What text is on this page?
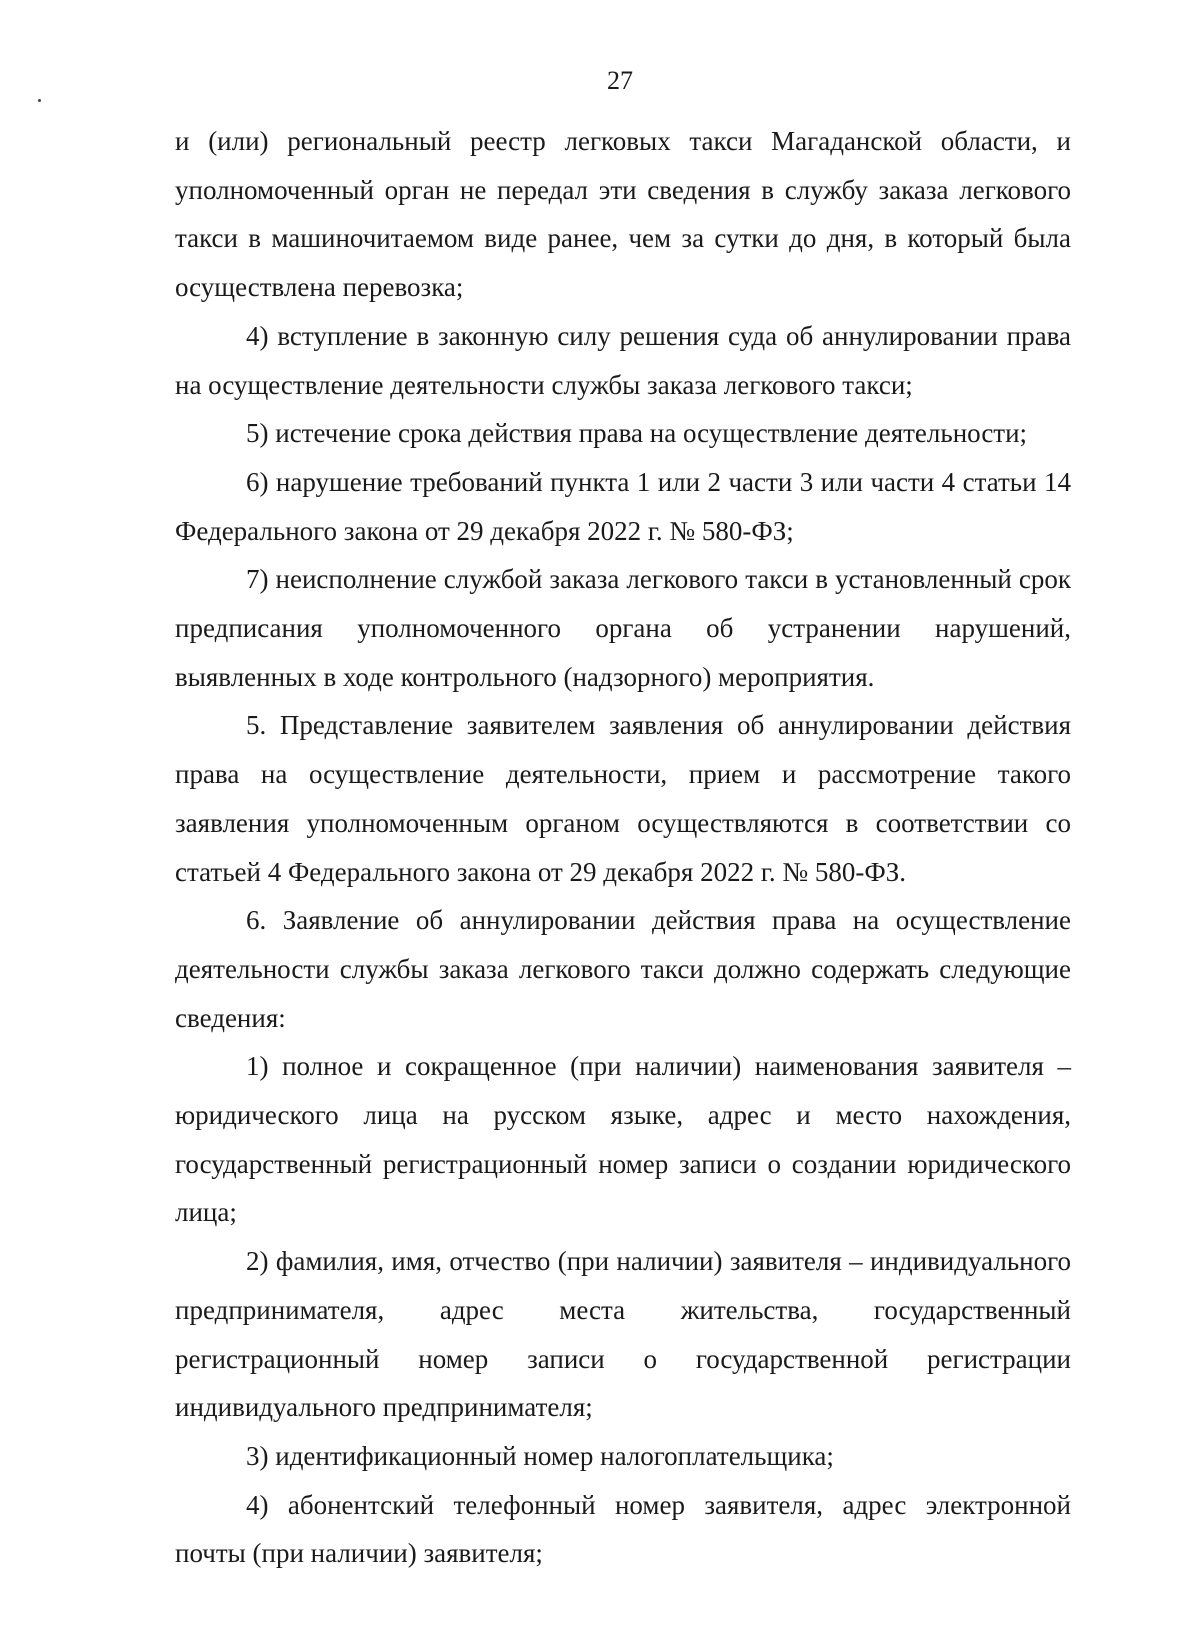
27

и (или) региональный реестр легковых такси Магаданской области, и уполномоченный орган не передал эти сведения в службу заказа легкового такси в машиночитаемом виде ранее, чем за сутки до дня, в который была осуществлена перевозка;

4) вступление в законную силу решения суда об аннулировании права на осуществление деятельности службы заказа легкового такси;

5) истечение срока действия права на осуществление деятельности;

6) нарушение требований пункта 1 или 2 части 3 или части 4 статьи 14 Федерального закона от 29 декабря 2022 г. № 580-ФЗ;

7) неисполнение службой заказа легкового такси в установленный срок предписания уполномоченного органа об устранении нарушений, выявленных в ходе контрольного (надзорного) мероприятия.

5. Представление заявителем заявления об аннулировании действия права на осуществление деятельности, прием и рассмотрение такого заявления уполномоченным органом осуществляются в соответствии со статьей 4 Федерального закона от 29 декабря 2022 г. № 580-ФЗ.

6. Заявление об аннулировании действия права на осуществление деятельности службы заказа легкового такси должно содержать следующие сведения:

1) полное и сокращенное (при наличии) наименования заявителя – юридического лица на русском языке, адрес и место нахождения, государственный регистрационный номер записи о создании юридического лица;

2) фамилия, имя, отчество (при наличии) заявителя – индивидуального предпринимателя, адрес места жительства, государственный регистрационный номер записи о государственной регистрации индивидуального предпринимателя;

3) идентификационный номер налогоплательщика;

4) абонентский телефонный номер заявителя, адрес электронной почты (при наличии) заявителя;
